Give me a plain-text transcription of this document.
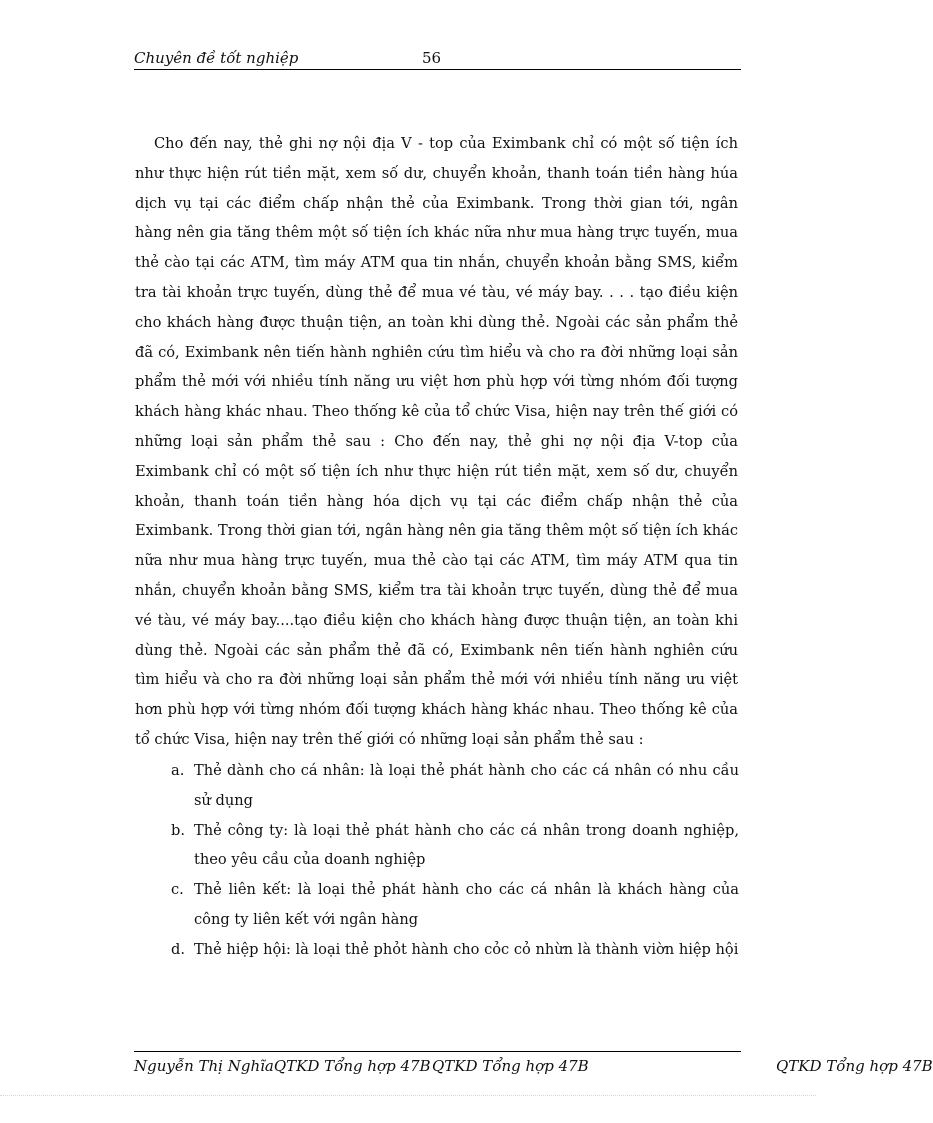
Chuyên đề tốt nghiệp	56

Cho đến nay, thẻ ghi nợ nội địa V - top của Eximbank chỉ có một số tiện ích như thực hiện rút tiền mặt, xem số dư, chuyển khoản, thanh toán tiền hàng húa dịch vụ tại các điểm chấp nhận thẻ của Eximbank. Trong thời gian tới, ngân hàng nên gia tăng thêm một số tiện ích khác nữa như mua hàng trực tuyến, mua thẻ cào tại các ATM, tìm máy ATM qua tin nhắn, chuyển khoản bằng SMS, kiểm tra tài khoản trực tuyến, dùng thẻ để mua vé tàu, vé máy bay. . . . tạo điều kiện cho khách hàng được thuận tiện, an toàn khi dùng thẻ. Ngoài các sản phẩm thẻ đã có, Eximbank nên tiến hành nghiên cứu tìm hiểu và cho ra đời những loại sản phẩm thẻ mới với nhiều tính năng ưu việt hơn phù hợp với từng nhóm đối tượng khách hàng khác nhau. Theo thống kê của tổ chức Visa, hiện nay trên thế giới có những loại sản phẩm thẻ sau : Cho đến nay, thẻ ghi nợ nội địa V-top của Eximbank chỉ có một số tiện ích như thực hiện rút tiền mặt, xem số dư, chuyển khoản, thanh toán tiền hàng hóa dịch vụ tại các điểm chấp nhận thẻ của Eximbank. Trong thời gian tới, ngân hàng nên gia tăng thêm một số tiện ích khác nữa như mua hàng trực tuyến, mua thẻ cào tại các ATM, tìm máy ATM qua tin nhắn, chuyển khoản bằng SMS, kiểm tra tài khoản trực tuyến, dùng thẻ để mua vé tàu, vé máy bay....tạo điều kiện cho khách hàng được thuận tiện, an toàn khi dùng thẻ. Ngoài các sản phẩm thẻ đã có, Eximbank nên tiến hành nghiên cứu tìm hiểu và cho ra đời những loại sản phẩm thẻ mới với nhiều tính năng ưu việt hơn phù hợp với từng nhóm đối tượng khách hàng khác nhau. Theo thống kê của tổ chức Visa, hiện nay trên thế giới có những loại sản phẩm thẻ sau :

a. Thẻ dành cho cá nhân: là loại thẻ phát hành cho các cá nhân có nhu cầu sử dụng
b. Thẻ công ty: là loại thẻ phát hành cho các cá nhân trong doanh nghiệp, theo yêu cầu của doanh nghiệp
c. Thẻ liên kết: là loại thẻ phát hành cho các cá nhân là khách hàng của công ty liên kết với ngân hàng
d. Thẻ hiệp hội: là loại thẻ phỏt hành cho cỏc cỏ nhừn là thành viờn hiệp hội
Nguyễn Thị NghĩaQTKD Tổng hợp 47B QTKD Tổng hợp 47B	QTKD Tổng hợp 47B
